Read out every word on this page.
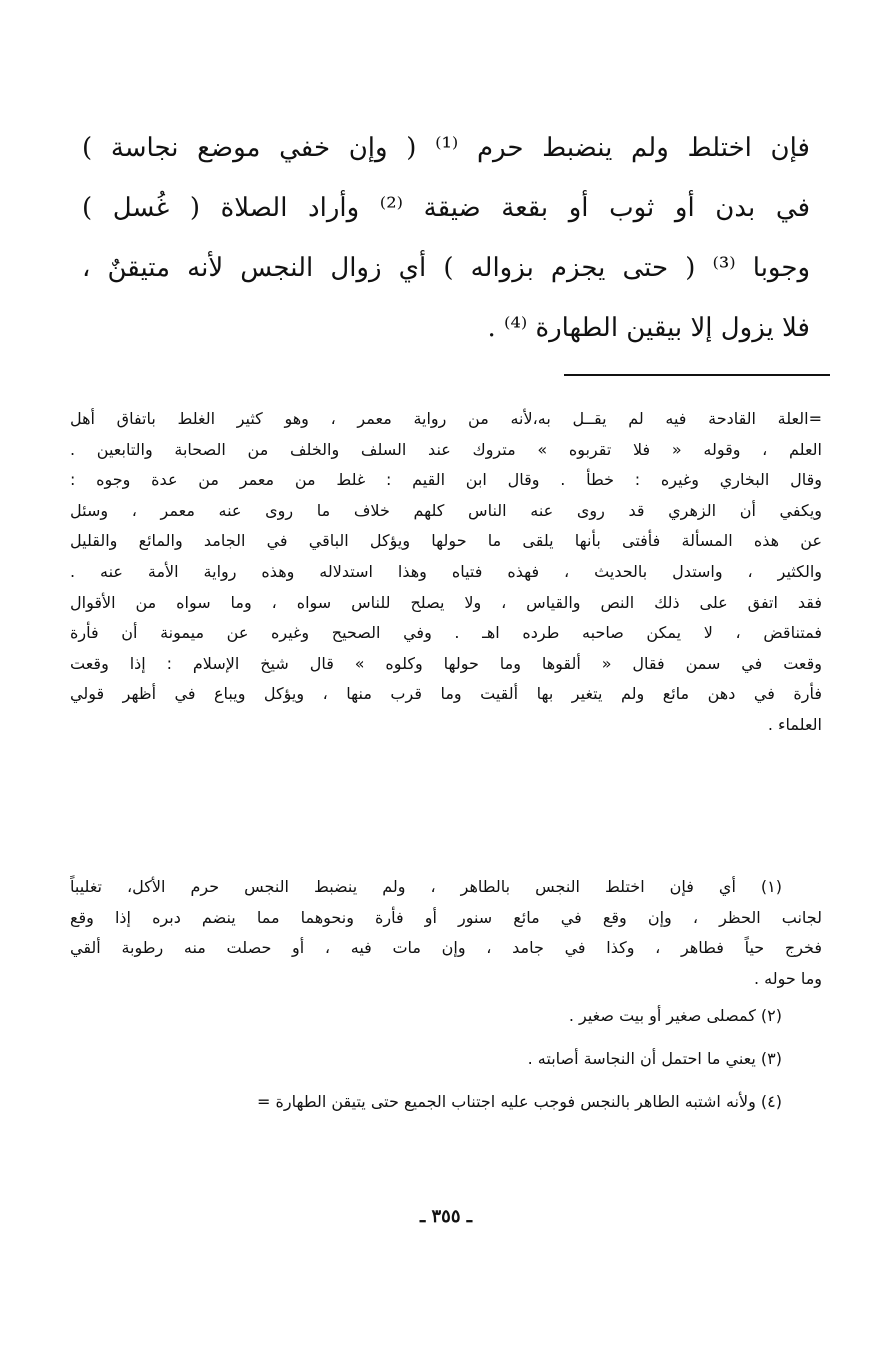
فإن اختلط ولم ينضبط حرم ⁽¹⁾ ( وإن خفي موضع نجاسة )
في بدن أو ثوب أو بقعة ضيقة ⁽²⁾ وأراد الصلاة ( غُسل )
وجوبا ⁽³⁾ ( حتى يجزم بزواله ) أي زوال النجس لأنه متيقنٌ ،
فلا يزول إلا بيقين الطهارة ⁽⁴⁾ .
=العلة القادحة فيه لم يقــل به،لأنه من رواية معمر ، وهو كثير الغلط باتفاق أهل
العلم ، وقوله « فلا تقربوه » متروك عند السلف والخلف من الصحابة والتابعين .
وقال البخاري وغيره : خطأ . وقال ابن القيم : غلط من معمر من عدة وجوه :
ويكفي أن الزهري قد روى عنه الناس كلهم خلاف ما روى عنه معمر ، وسئل
عن هذه المسألة فأفتى بأنها يلقى ما حولها ويؤكل الباقي في الجامد والمائع والقليل
والكثير ، واستدل بالحديث ، فهذه فتياه وهذا استدلاله وهذه رواية الأمة عنه .
فقد اتفق على ذلك النص والقياس ، ولا يصلح للناس سواه ، وما سواه من الأقوال
فمتناقض ، لا يمكن صاحبه طرده اهـ . وفي الصحيح وغيره عن ميمونة أن فأرة
وقعت في سمن فقال « ألقوها وما حولها وكلوه » قال شيخ الإسلام : إذا وقعت
فأرة في دهن مائع ولم يتغير بها ألقيت وما قرب منها ، ويؤكل ويباع في أظهر قولي
العلماء .
(١) أي فإن اختلط النجس بالطاهر ، ولم ينضبط النجس حرم الأكل، تغليباً
لجانب الحظر ، وإن وقع في مائع سنور أو فأرة ونحوهما مما ينضم دبره إذا وقع
فخرج حياً فطاهر ، وكذا في جامد ، وإن مات فيه ، أو حصلت منه رطوبة ألقي
وما حوله .
(٢) كمصلى صغير أو بيت صغير .
(٣) يعني ما احتمل أن النجاسة أصابته .
(٤) ولأنه اشتبه الطاهر بالنجس فوجب عليه اجتناب الجميع حتى يتيقن الطهارة =
ـ ٣٥٥ ـ
